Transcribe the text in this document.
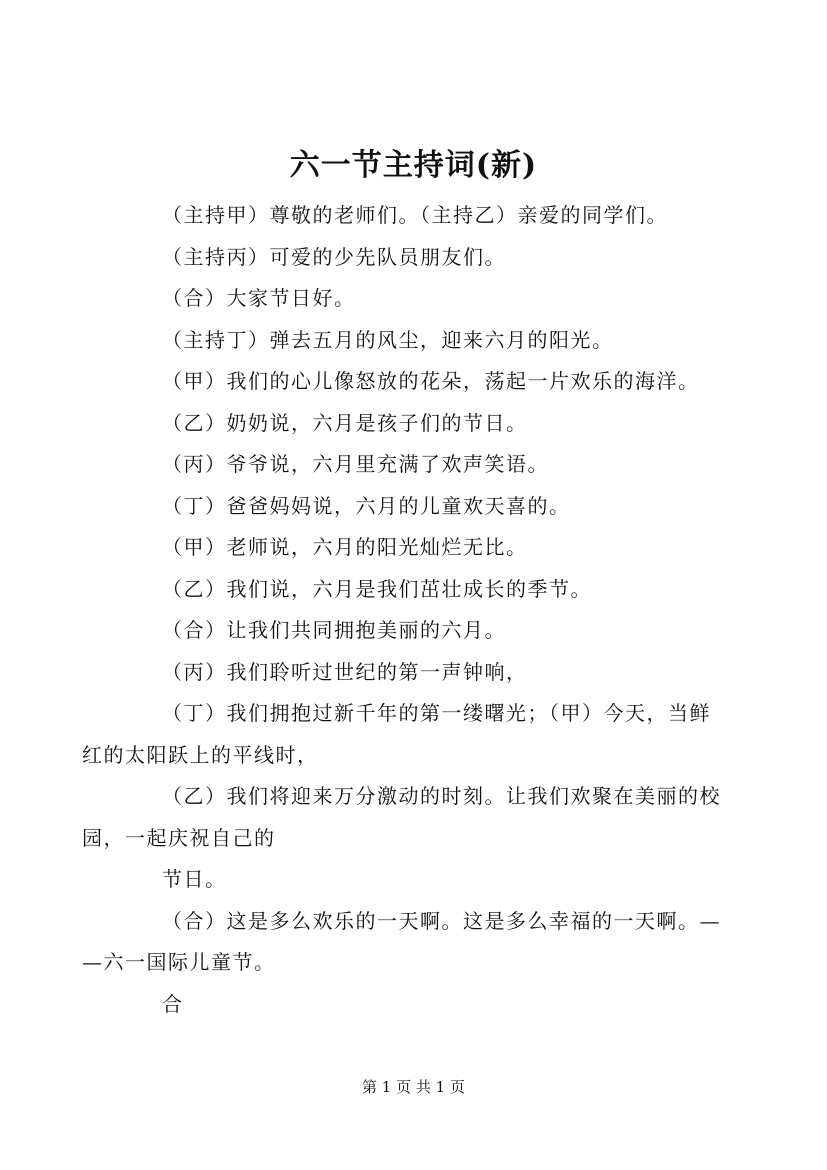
六一节主持词(新)

（主持甲）尊敬的老师们。（主持乙）亲爱的同学们。

（主持丙）可爱的少先队员朋友们。

（合）大家节日好。

（主持丁）弹去五月的风尘，迎来六月的阳光。

（甲）我们的心儿像怒放的花朵，荡起一片欢乐的海洋。

（乙）奶奶说，六月是孩子们的节日。

（丙）爷爷说，六月里充满了欢声笑语。

（丁）爸爸妈妈说，六月的儿童欢天喜的。

（甲）老师说，六月的阳光灿烂无比。

（乙）我们说，六月是我们茁壮成长的季节。

（合）让我们共同拥抱美丽的六月。

（丙）我们聆听过世纪的第一声钟响，

（丁）我们拥抱过新千年的第一缕曙光；（甲）今天，当鲜

红的太阳跃上的平线时，

（乙）我们将迎来万分激动的时刻。让我们欢聚在美丽的校

园，一起庆祝自己的

节日。

（合）这是多么欢乐的一天啊。这是多么幸福的一天啊。—

—六一国际儿童节。

合

第 1 页 共 1 页
